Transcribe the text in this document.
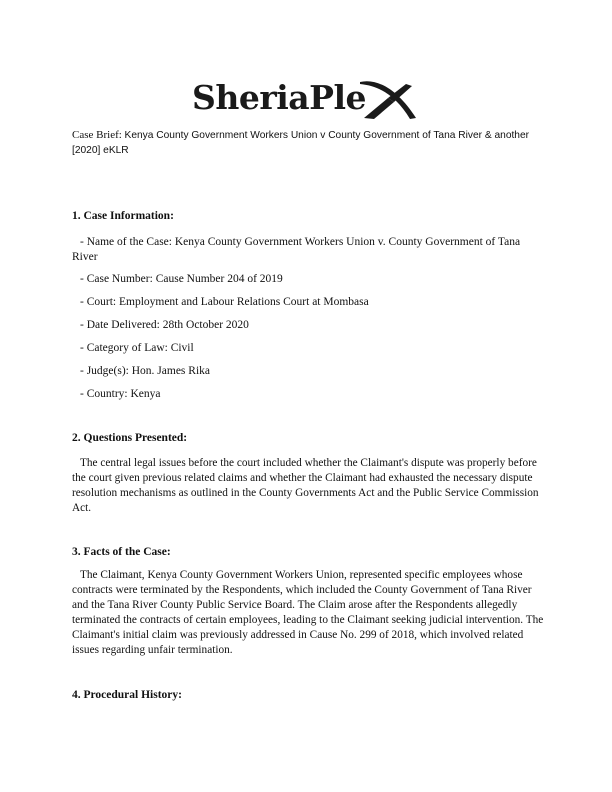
SheriaPle
Case Brief: Kenya County Government Workers Union v County Government of Tana River & another [2020] eKLR
1. Case Information:
- Name of the Case: Kenya County Government Workers Union v. County Government of Tana River
- Case Number: Cause Number 204 of 2019
- Court: Employment and Labour Relations Court at Mombasa
- Date Delivered: 28th October 2020
- Category of Law: Civil
- Judge(s): Hon. James Rika
- Country: Kenya
2. Questions Presented:
The central legal issues before the court included whether the Claimant's dispute was properly before the court given previous related claims and whether the Claimant had exhausted the necessary dispute resolution mechanisms as outlined in the County Governments Act and the Public Service Commission Act.
3. Facts of the Case:
The Claimant, Kenya County Government Workers Union, represented specific employees whose contracts were terminated by the Respondents, which included the County Government of Tana River and the Tana River County Public Service Board. The Claim arose after the Respondents allegedly terminated the contracts of certain employees, leading to the Claimant seeking judicial intervention. The Claimant's initial claim was previously addressed in Cause No. 299 of 2018, which involved related issues regarding unfair termination.
4. Procedural History:
